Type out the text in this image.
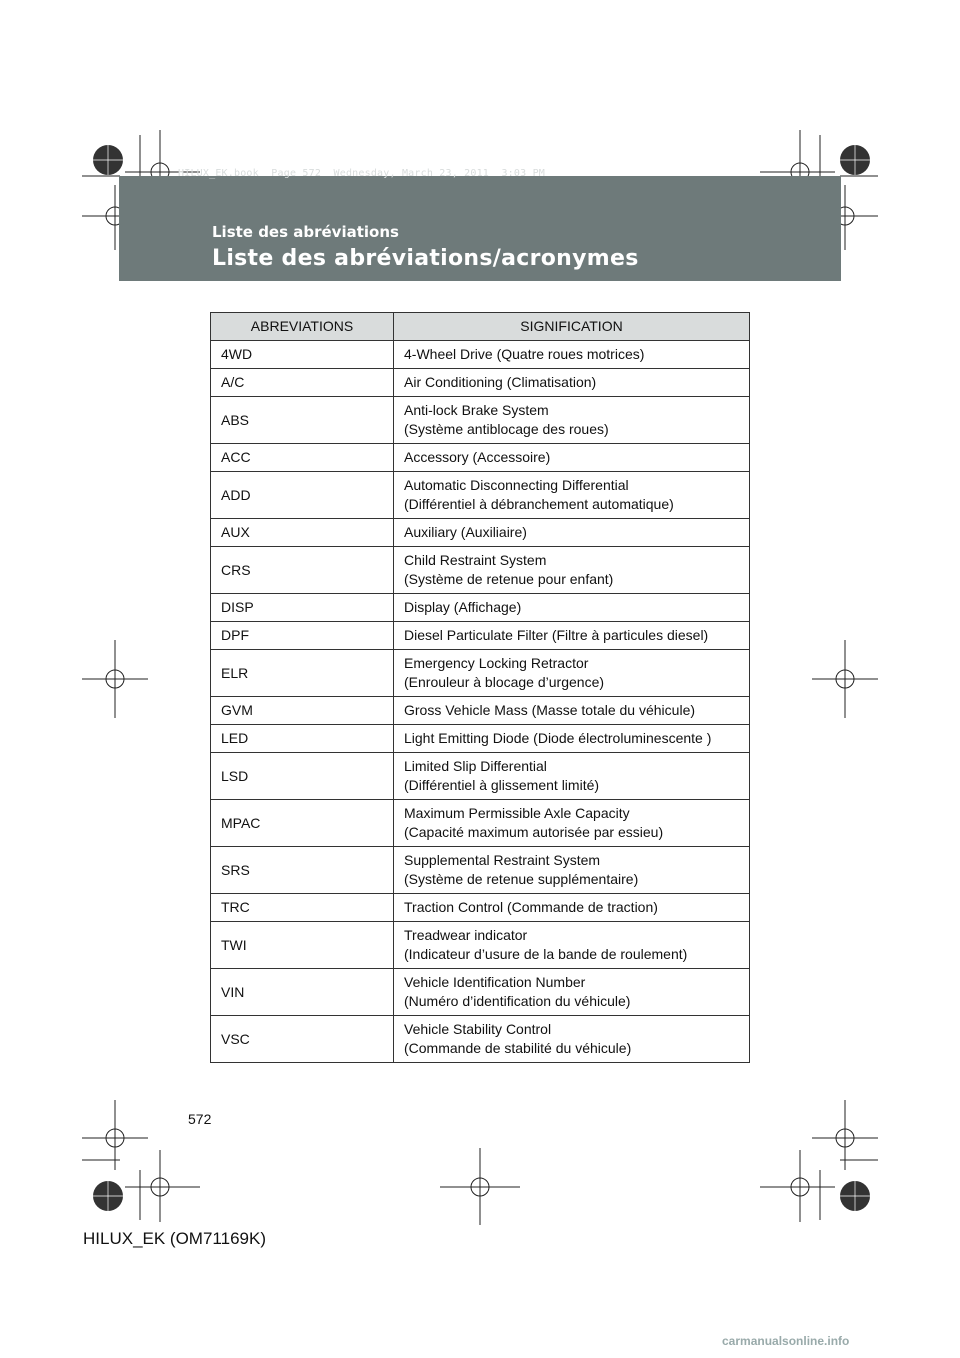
Liste des abréviations
Liste des abréviations/acronymes
HILUX_EK.book  Page 572  Wednesday, March 23, 2011  3:03 PM
ABREVIATIONS	SIGNIFICATION
4WD	4-Wheel Drive (Quatre roues motrices)

A/C	Air Conditioning (Climatisation)

ABS	Anti-lock Brake System
(Système antiblocage des roues)

ACC	Accessory (Accessoire)

ADD	Automatic Disconnecting Differential
(Différentiel à débranchement automatique)

AUX	Auxiliary (Auxiliaire)

CRS	Child Restraint System
(Système de retenue pour enfant)

DISP	Display (Affichage)

DPF	Diesel Particulate Filter (Filtre à particules diesel)

ELR	Emergency Locking Retractor
(Enrouleur à blocage d’urgence)

GVM	Gross Vehicle Mass (Masse totale du véhicule)

LED	Light Emitting Diode (Diode électroluminescente )

LSD	Limited Slip Differential
(Différentiel à glissement limité)

MPAC	Maximum Permissible Axle Capacity
(Capacité maximum autorisée par essieu)

SRS	Supplemental Restraint System
(Système de retenue supplémentaire)

TRC	Traction Control (Commande de traction)

TWI	Treadwear indicator
(Indicateur d’usure de la bande de roulement)

VIN	Vehicle Identification Number
(Numéro d’identification du véhicule)

VSC	Vehicle Stability Control
(Commande de stabilité du véhicule)
572
HILUX_EK (OM71169K)
carmanualsonline.info
